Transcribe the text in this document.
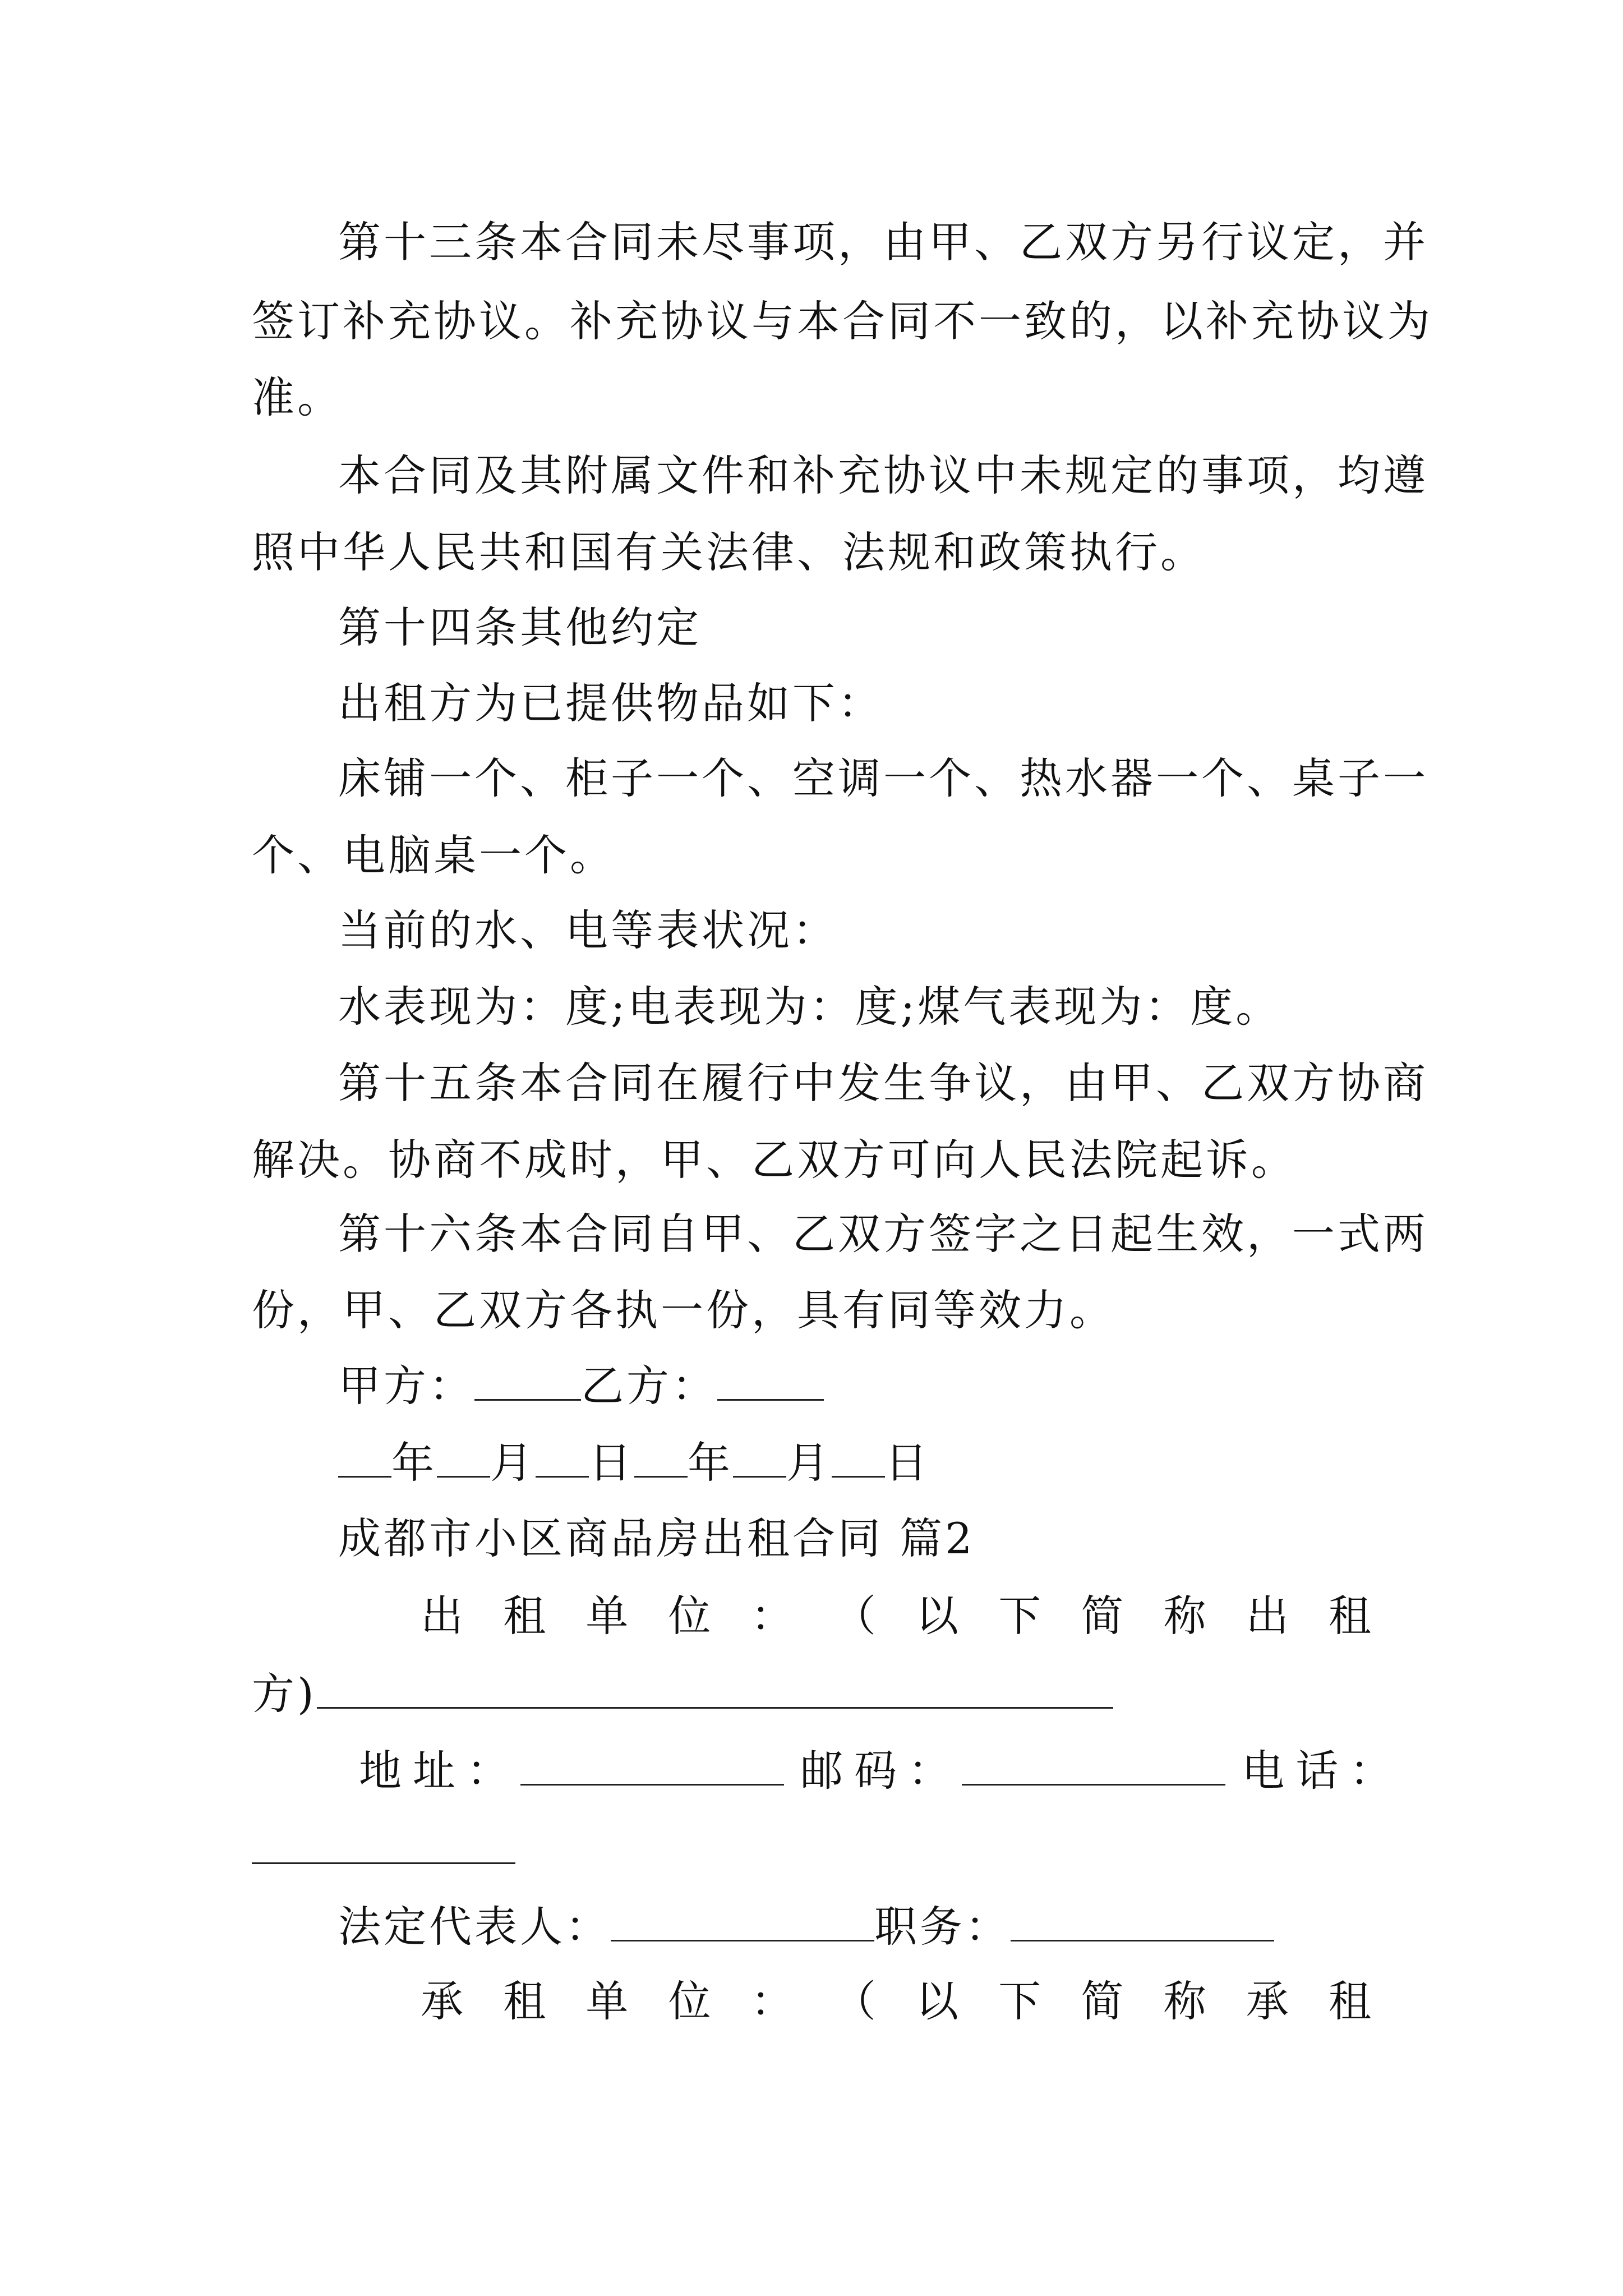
第十三条本合同未尽事项，由甲、乙双方另行议定，并
签订补充协议。补充协议与本合同不一致的，以补充协议为
准。
本合同及其附属文件和补充协议中未规定的事项，均遵
照中华人民共和国有关法律、法规和政策执行。
第十四条其他约定
出租方为已提供物品如下：
床铺一个、柜子一个、空调一个、热水器一个、桌子一
个、电脑桌一个。
当前的水、电等表状况：
水表现为：度;电表现为：度;煤气表现为：度。
第十五条本合同在履行中发生争议，由甲、乙双方协商
解决。协商不成时，甲、乙双方可向人民法院起诉。
第十六条本合同自甲、乙双方签字之日起生效，一式两
份，甲、乙双方各执一份，具有同等效力。
甲方：	乙方：
年 月 日 年 月 日
成都市小区商品房出租合同 篇2
出 租 单 位 ： （ 以 下 简 称 出 租
方)
地址：	邮码：	电话：
法定代表人：	职务：
承 租 单 位 ： （ 以 下 简 称 承 租
